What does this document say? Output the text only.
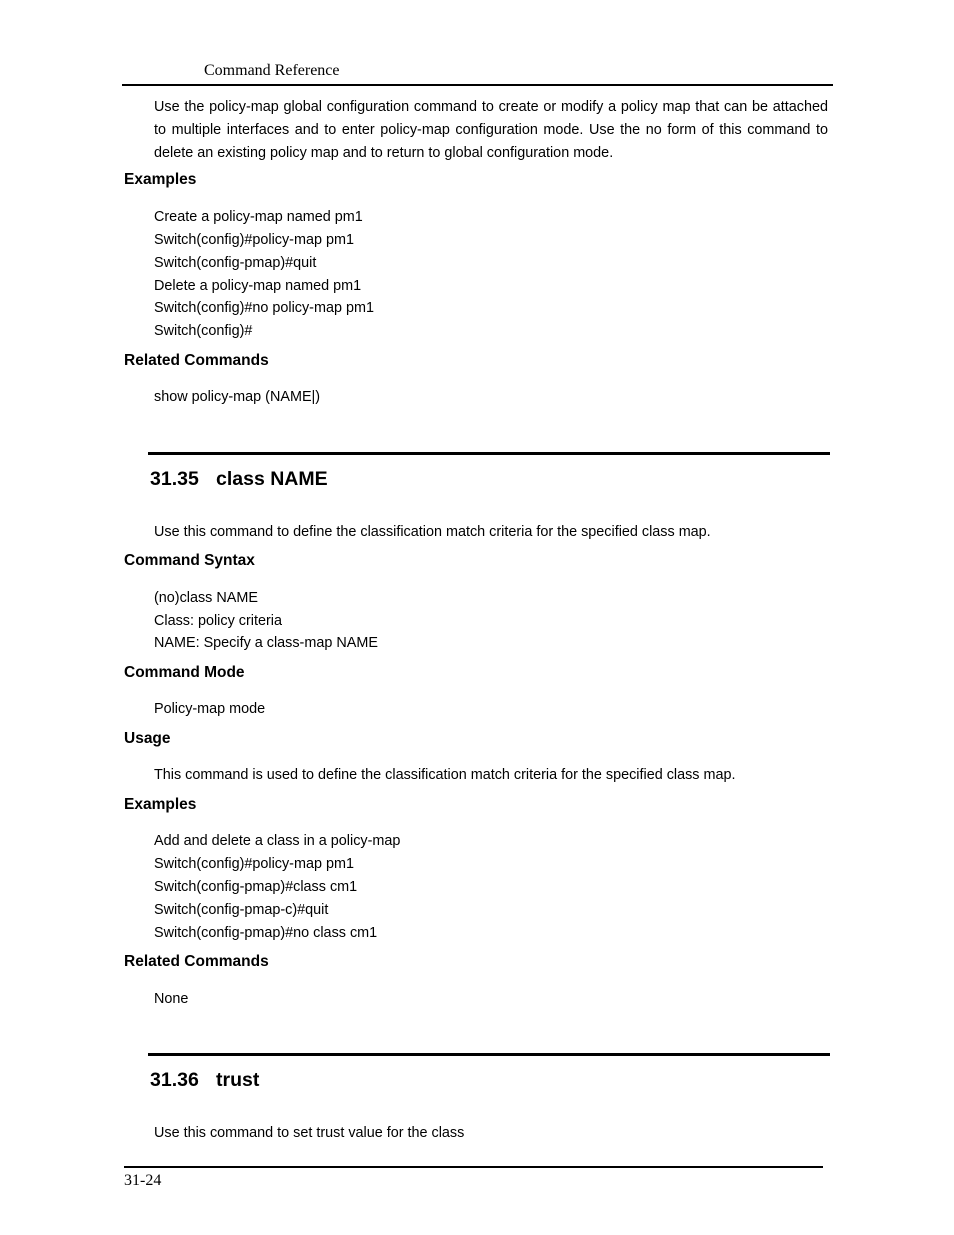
Command Reference
Use the policy-map global configuration command to create or modify a policy map that can be attached to multiple interfaces and to enter policy-map configuration mode. Use the no form of this command to delete an existing policy map and to return to global configuration mode.
Examples
Create a policy-map named pm1
Switch(config)#policy-map pm1
Switch(config-pmap)#quit
Delete a policy-map named pm1
Switch(config)#no policy-map pm1
Switch(config)#
Related Commands
show policy-map (NAME|)
31.35 class NAME
Use this command to define the classification match criteria for the specified class map.
Command Syntax
(no)class NAME
Class: policy criteria
NAME: Specify a class-map NAME
Command Mode
Policy-map mode
Usage
This command is used to define the classification match criteria for the specified class map.
Examples
Add and delete a class in a policy-map
Switch(config)#policy-map pm1
Switch(config-pmap)#class cm1
Switch(config-pmap-c)#quit
Switch(config-pmap)#no class cm1
Related Commands
None
31.36 trust
Use this command to set trust value for the class
31-24
